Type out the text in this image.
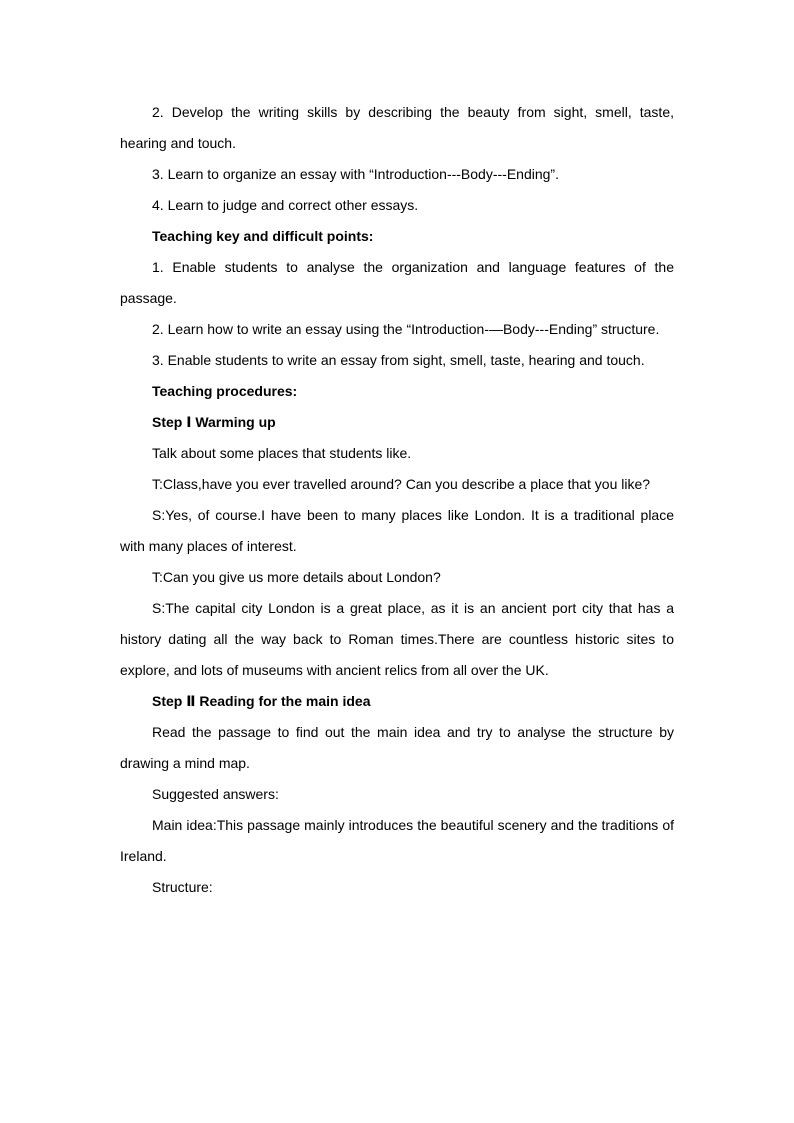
2. Develop the writing skills by describing the beauty from sight, smell, taste, hearing and touch.

3. Learn to organize an essay with “Introduction---Body---Ending”.

4. Learn to judge and correct other essays.

Teaching key and difficult points:

1. Enable students to analyse the organization and language features of the passage.

2. Learn how to write an essay using the “Introduction-—Body---Ending” structure.

3. Enable students to write an essay from sight, smell, taste, hearing and touch.

Teaching procedures:

Step Ⅰ Warming up

Talk about some places that students like.

T:Class,have you ever travelled around? Can you describe a place that you like?

S:Yes, of course.I have been to many places like London. It is a traditional place with many places of interest.

T:Can you give us more details about London?

S:The capital city London is a great place, as it is an ancient port city that has a history dating all the way back to Roman times.There are countless historic sites to explore, and lots of museums with ancient relics from all over the UK.

Step Ⅱ Reading for the main idea

Read the passage to find out the main idea and try to analyse the structure by drawing a mind map.

Suggested answers:

Main idea:This passage mainly introduces the beautiful scenery and the traditions of Ireland.

Structure:
